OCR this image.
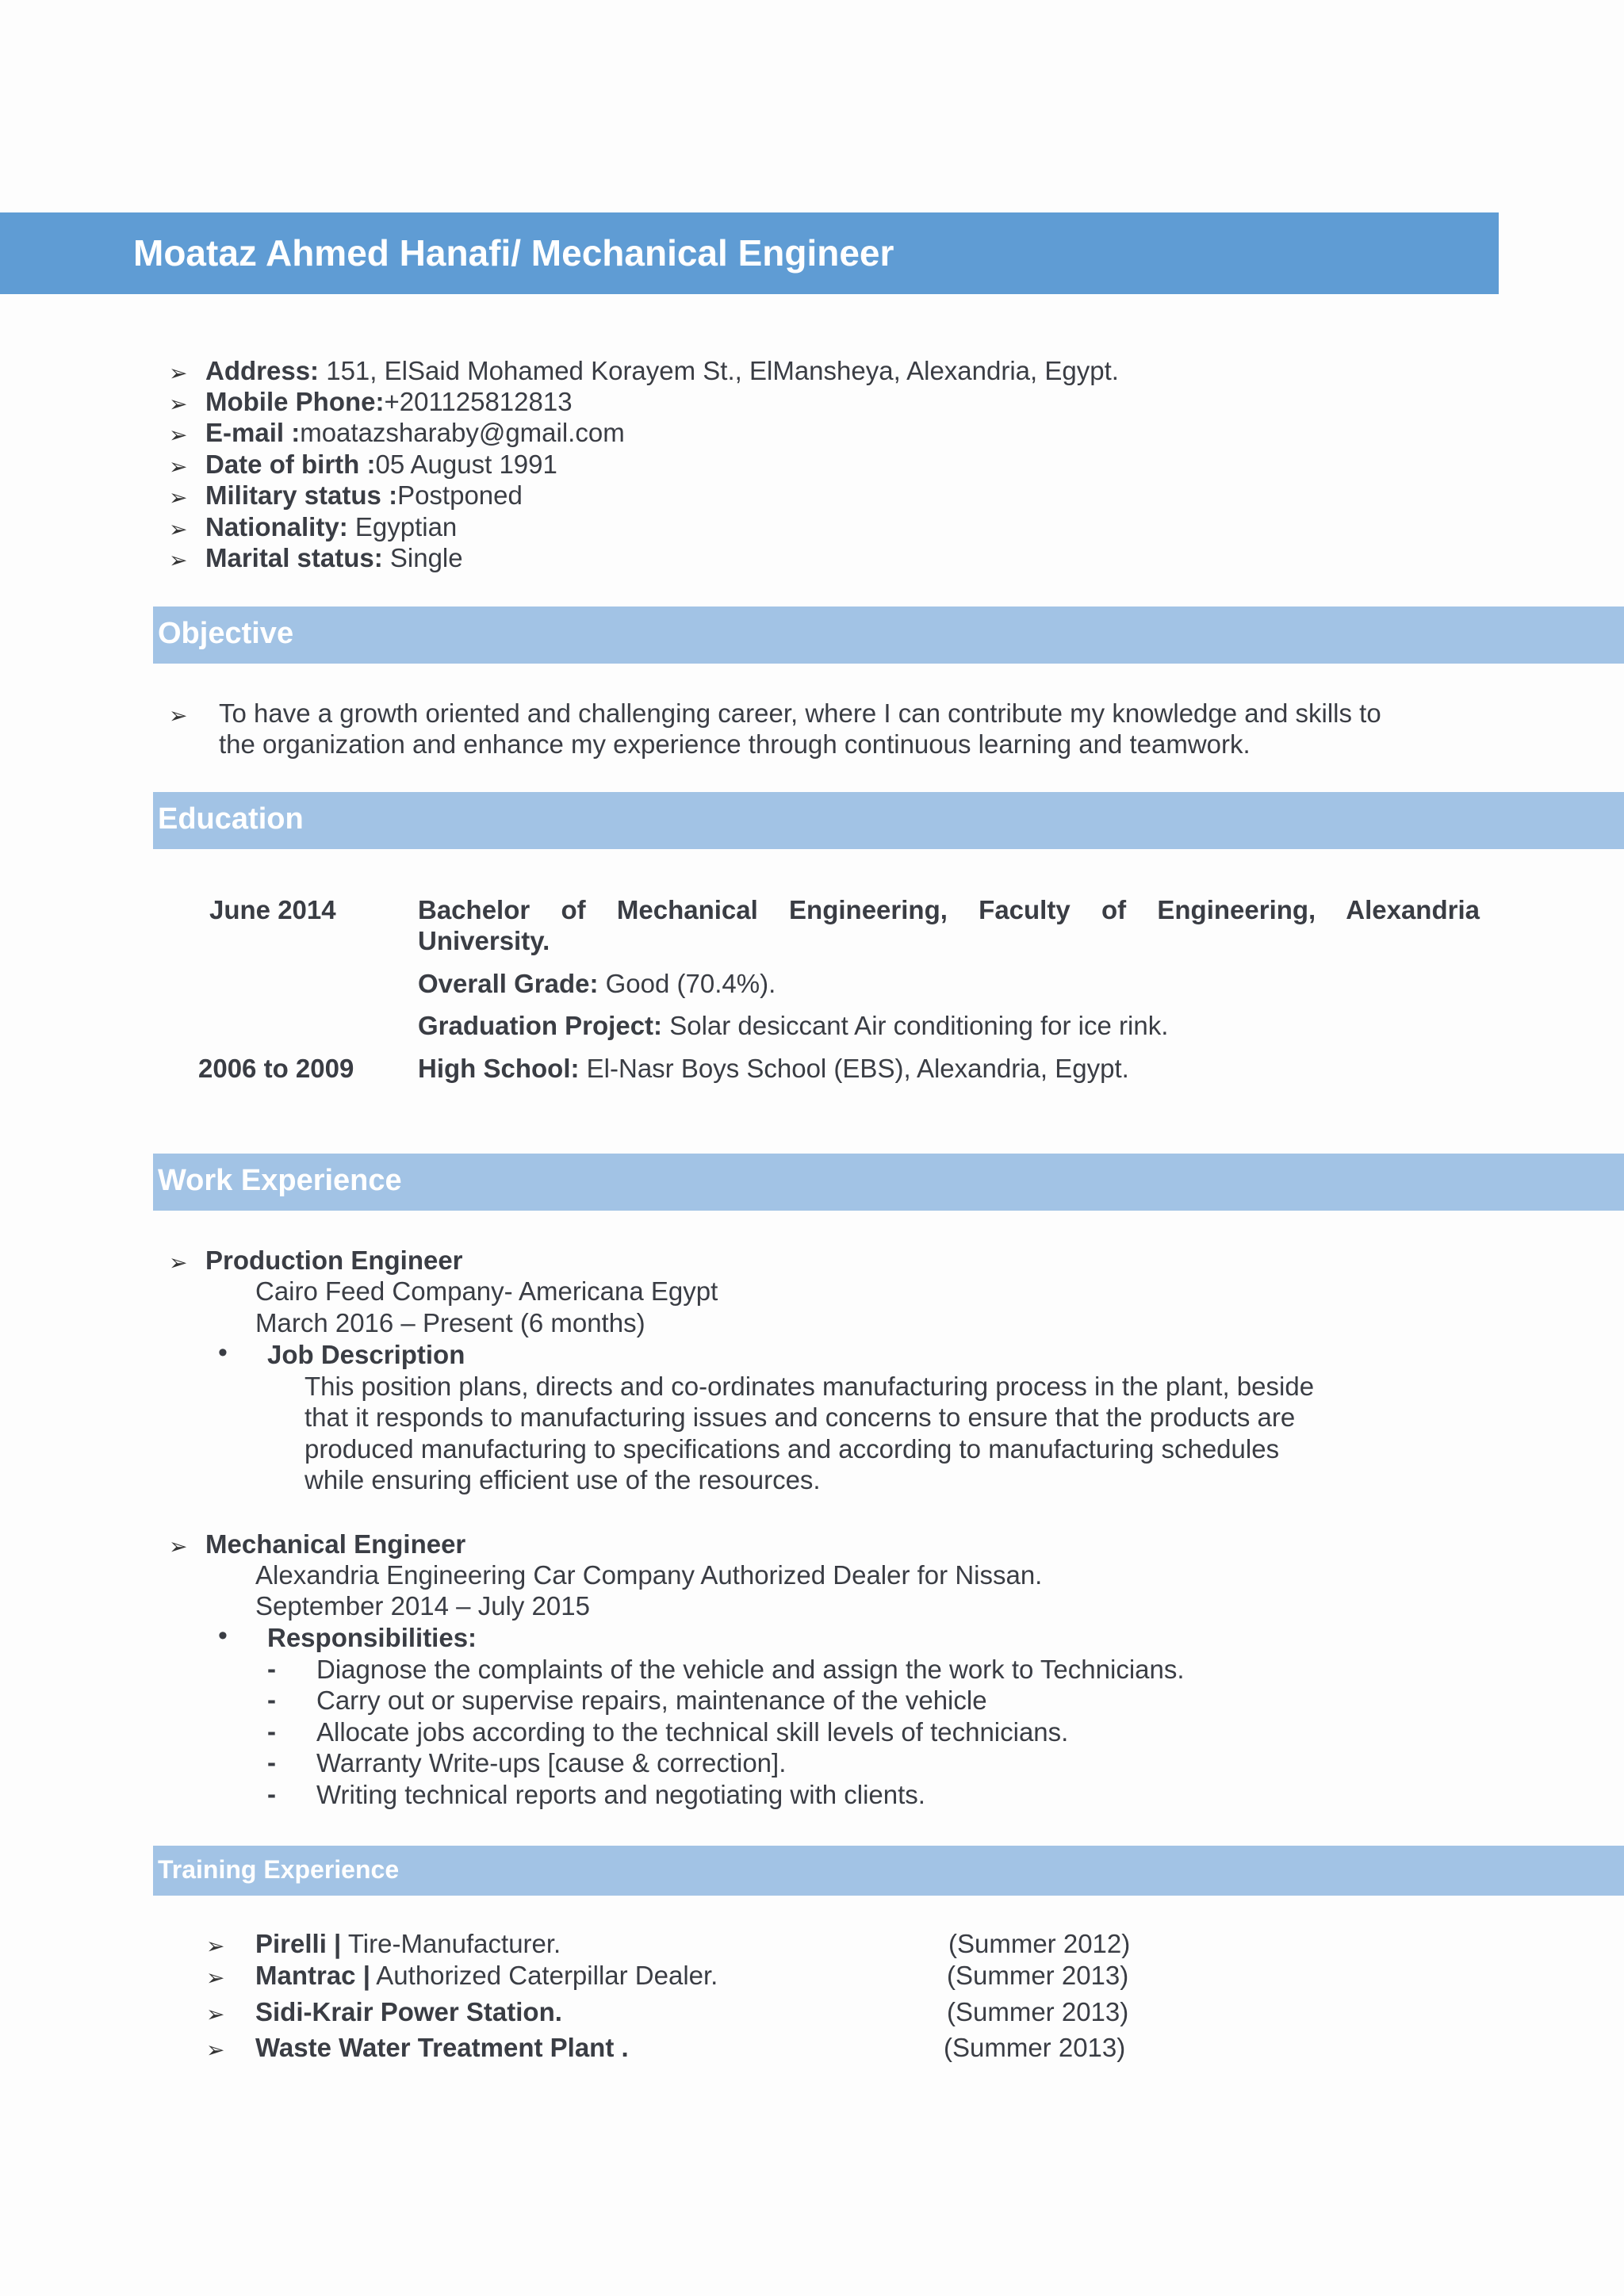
Moataz Ahmed Hanafi/ Mechanical Engineer
➢ Address: 151, ElSaid Mohamed Korayem St., ElMansheya, Alexandria, Egypt.
➢ Mobile Phone:+201125812813
➢ E-mail :moatazsharaby@gmail.com
➢ Date of birth :05 August 1991
➢ Military status :Postponed
➢ Nationality: Egyptian
➢ Marital status: Single
Objective
➢ To have a growth oriented and challenging career, where I can contribute my knowledge and skills to
the organization and enhance my experience through continuous learning and teamwork.
Education
June 2014	Bachelor of Mechanical Engineering, Faculty of Engineering, Alexandria
University.
Overall Grade: Good (70.4%).
Graduation Project: Solar desiccant Air conditioning for ice rink.
2006 to 2009 High School: El-Nasr Boys School (EBS), Alexandria, Egypt.
Work Experience
➢ Production Engineer
Cairo Feed Company- Americana Egypt
March 2016 – Present (6 months)
• Job Description
This position plans, directs and co-ordinates manufacturing process in the plant, beside
that it responds to manufacturing issues and concerns to ensure that the products are
produced manufacturing to specifications and according to manufacturing schedules
while ensuring efficient use of the resources.
➢ Mechanical Engineer
Alexandria Engineering Car Company Authorized Dealer for Nissan.
September 2014 – July 2015
• Responsibilities:
- Diagnose the complaints of the vehicle and assign the work to Technicians.
- Carry out or supervise repairs, maintenance of the vehicle
- Allocate jobs according to the technical skill levels of technicians.
- Warranty Write-ups [cause & correction].
- Writing technical reports and negotiating with clients.
Training Experience
➢ Pirelli | Tire-Manufacturer.	(Summer 2012)
➢ Mantrac | Authorized Caterpillar Dealer.	(Summer 2013)
➢ Sidi-Krair Power Station.	(Summer 2013)
➢ Waste Water Treatment Plant .	(Summer 2013)
